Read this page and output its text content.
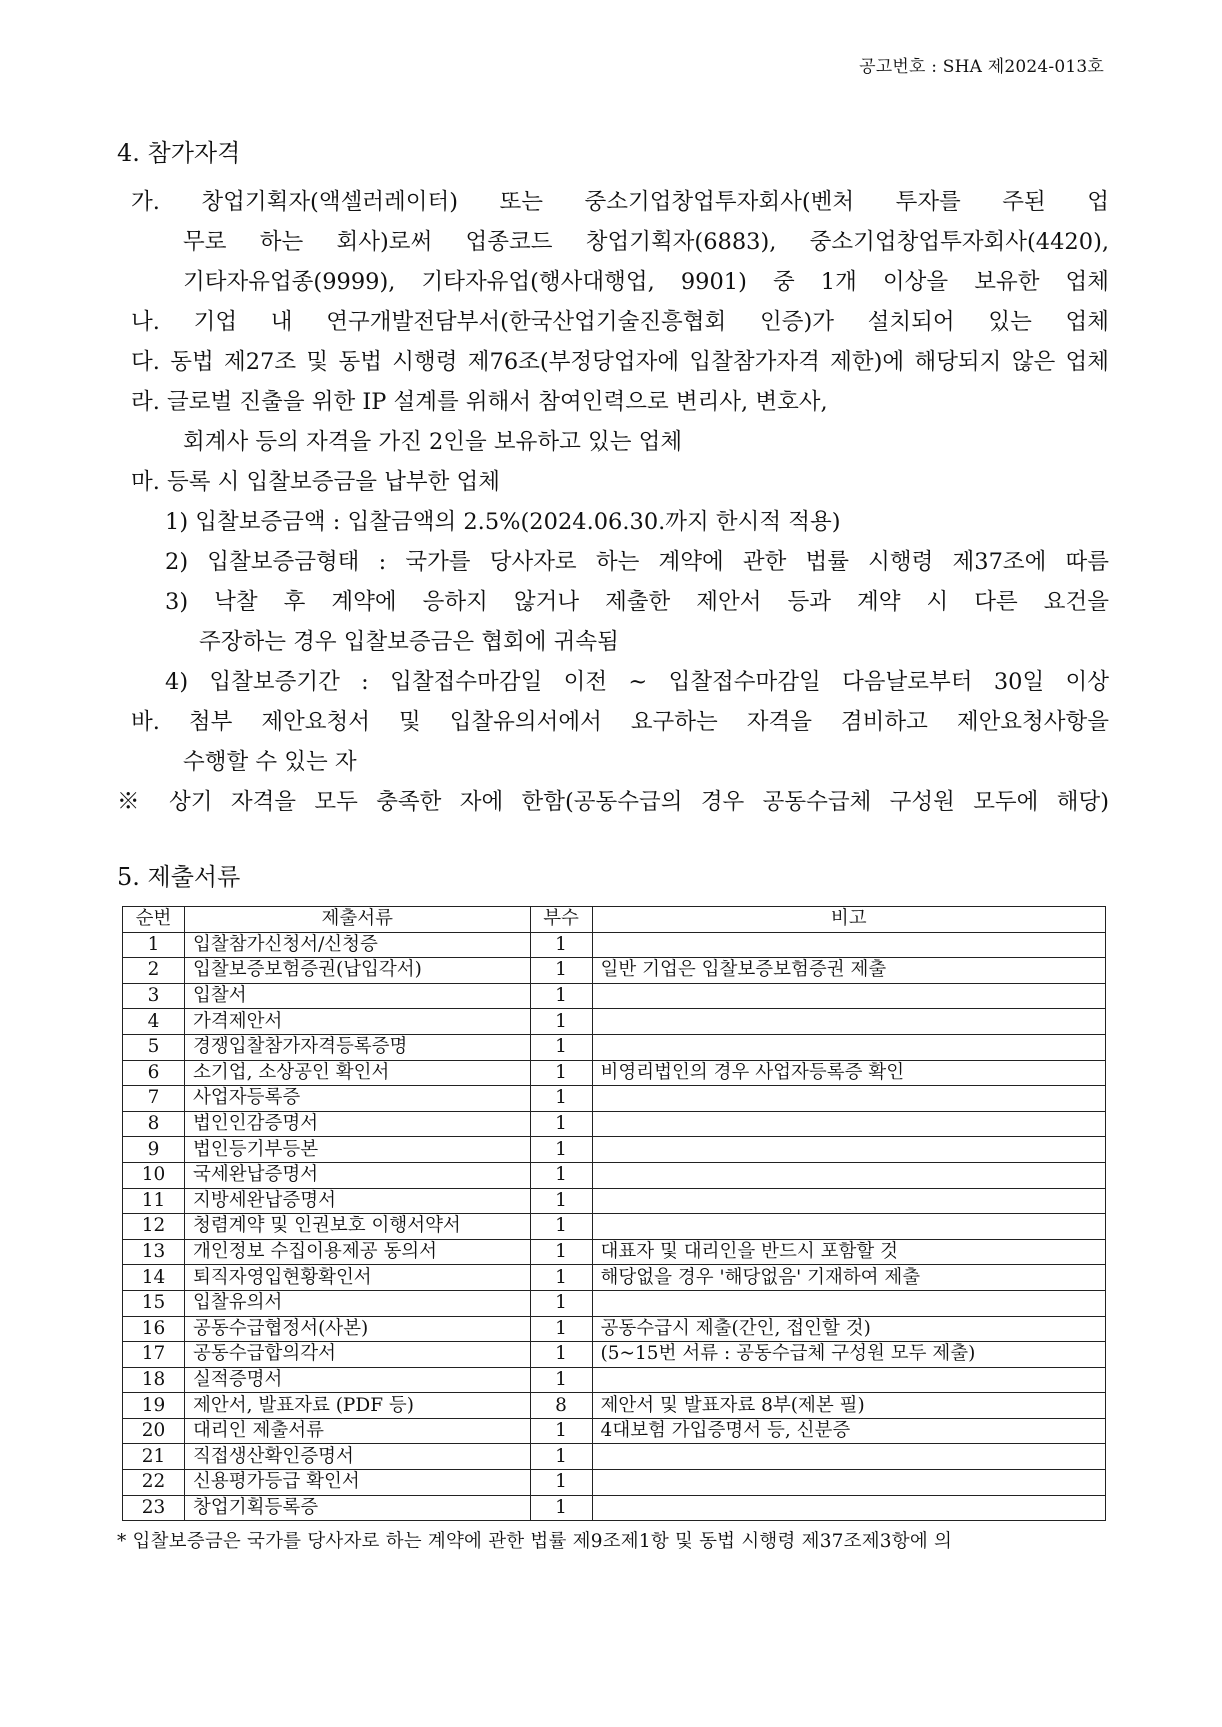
공고번호 : SHA 제2024-013호
4. 참가자격
가. 창업기획자(액셀러레이터) 또는 중소기업창업투자회사(벤처 투자를 주된 업
무로 하는 회사)로써 업종코드 창업기획자(6883), 중소기업창업투자회사(4420),
기타자유업종(9999), 기타자유업(행사대행업, 9901) 중 1개 이상을 보유한 업체
나. 기업 내 연구개발전담부서(한국산업기술진흥협회 인증)가 설치되어 있는 업체
다. 동법 제27조 및 동법 시행령 제76조(부정당업자에 입찰참가자격 제한)에 해당되지 않은 업체
라. 글로벌 진출을 위한 IP 설계를 위해서 참여인력으로 변리사, 변호사,
회계사 등의 자격을 가진 2인을 보유하고 있는 업체
마. 등록 시 입찰보증금을 납부한 업체
1) 입찰보증금액 : 입찰금액의 2.5%(2024.06.30.까지 한시적 적용)
2) 입찰보증금형태 : 국가를 당사자로 하는 계약에 관한 법률 시행령 제37조에 따름
3) 낙찰 후 계약에 응하지 않거나 제출한 제안서 등과 계약 시 다른 요건을
주장하는 경우 입찰보증금은 협회에 귀속됨
4) 입찰보증기간 : 입찰접수마감일 이전 ~ 입찰접수마감일 다음날로부터 30일 이상
바. 첨부 제안요청서 및 입찰유의서에서 요구하는 자격을 겸비하고 제안요청사항을
수행할 수 있는 자
※ 상기 자격을 모두 충족한 자에 한함(공동수급의 경우 공동수급체 구성원 모두에 해당)
5. 제출서류
순번	제출서류	부수	비고
1	입찰참가신청서/신청증	1	
2	입찰보증보험증권(납입각서)	1	일반 기업은 입찰보증보험증권 제출
3	입찰서	1	
4	가격제안서	1	
5	경쟁입찰참가자격등록증명	1	
6	소기업, 소상공인 확인서	1	비영리법인의 경우 사업자등록증 확인
7	사업자등록증	1	
8	법인인감증명서	1	
9	법인등기부등본	1	
10	국세완납증명서	1	
11	지방세완납증명서	1	
12	청렴계약 및 인권보호 이행서약서	1	
13	개인정보 수집이용제공 동의서	1	대표자 및 대리인을 반드시 포함할 것
14	퇴직자영입현황확인서	1	해당없을 경우 '해당없음' 기재하여 제출
15	입찰유의서	1	
16	공동수급협정서(사본)	1	공동수급시 제출(간인, 접인할 것)
17	공동수급합의각서	1	(5~15번 서류 : 공동수급체 구성원 모두 제출)
18	실적증명서	1	
19	제안서, 발표자료 (PDF 등)	8	제안서 및 발표자료 8부(제본 필)
20	대리인 제출서류	1	4대보험 가입증명서 등, 신분증
21	직접생산확인증명서	1	
22	신용평가등급 확인서	1	
23	창업기획등록증	1	
* 입찰보증금은 국가를 당사자로 하는 계약에 관한 법률 제9조제1항 및 동법 시행령 제37조제3항에 의
